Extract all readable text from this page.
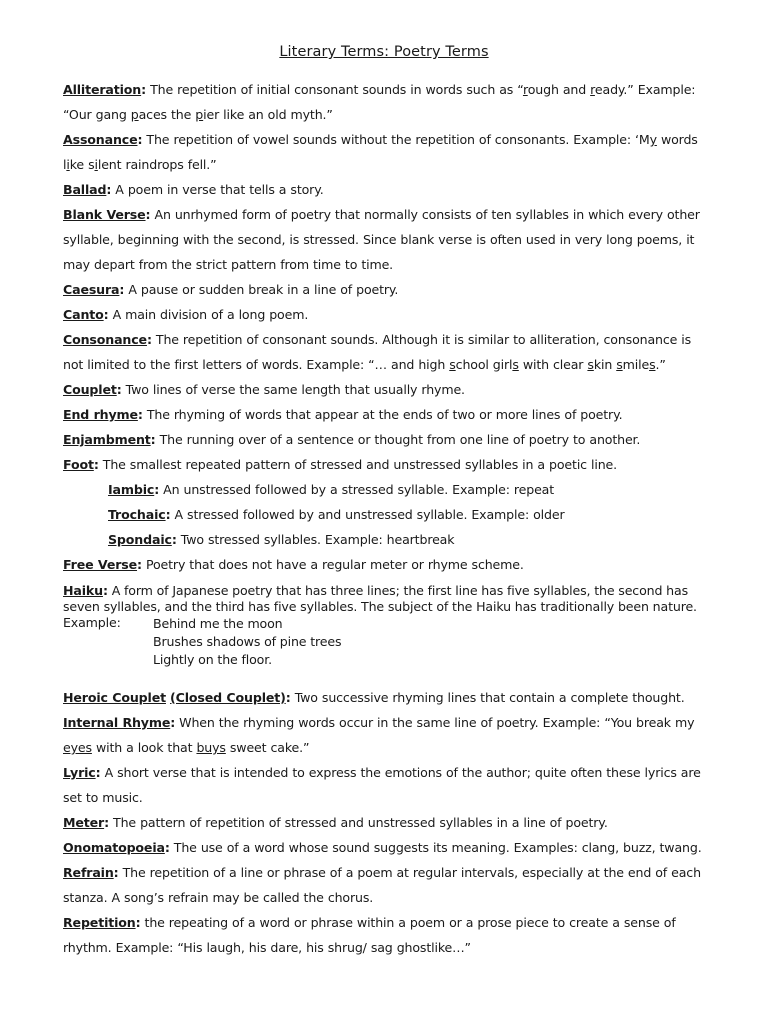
Literary Terms: Poetry Terms

Alliteration: The repetition of initial consonant sounds in words such as “rough and ready.” Example: “Our gang paces the pier like an old myth.”

Assonance: The repetition of vowel sounds without the repetition of consonants. Example: ‘My words like silent raindrops fell.”

Ballad: A poem in verse that tells a story.

Blank Verse: An unrhymed form of poetry that normally consists of ten syllables in which every other syllable, beginning with the second, is stressed. Since blank verse is often used in very long poems, it may depart from the strict pattern from time to time.

Caesura: A pause or sudden break in a line of poetry.

Canto: A main division of a long poem.

Consonance: The repetition of consonant sounds. Although it is similar to alliteration, consonance is not limited to the first letters of words. Example: “… and high school girls with clear skin smiles.”

Couplet: Two lines of verse the same length that usually rhyme.

End rhyme: The rhyming of words that appear at the ends of two or more lines of poetry.

Enjambment: The running over of a sentence or thought from one line of poetry to another.

Foot: The smallest repeated pattern of stressed and unstressed syllables in a poetic line.

Iambic: An unstressed followed by a stressed syllable. Example: repeat

Trochaic: A stressed followed by and unstressed syllable. Example: older

Spondaic: Two stressed syllables. Example: heartbreak

Free Verse: Poetry that does not have a regular meter or rhyme scheme.

Haiku: A form of Japanese poetry that has three lines; the first line has five syllables, the second has seven syllables, and the third has five syllables. The subject of the Haiku has traditionally been nature.

Example:	Behind me the moon
Brushes shadows of pine trees
Lightly on the floor.

Heroic Couplet (Closed Couplet): Two successive rhyming lines that contain a complete thought.

Internal Rhyme: When the rhyming words occur in the same line of poetry. Example: “You break my eyes with a look that buys sweet cake.”

Lyric: A short verse that is intended to express the emotions of the author; quite often these lyrics are set to music.

Meter: The pattern of repetition of stressed and unstressed syllables in a line of poetry.

Onomatopoeia: The use of a word whose sound suggests its meaning. Examples: clang, buzz, twang.

Refrain: The repetition of a line or phrase of a poem at regular intervals, especially at the end of each stanza. A song’s refrain may be called the chorus.

Repetition: the repeating of a word or phrase within a poem or a prose piece to create a sense of rhythm. Example: “His laugh, his dare, his shrug/ sag ghostlike…”
